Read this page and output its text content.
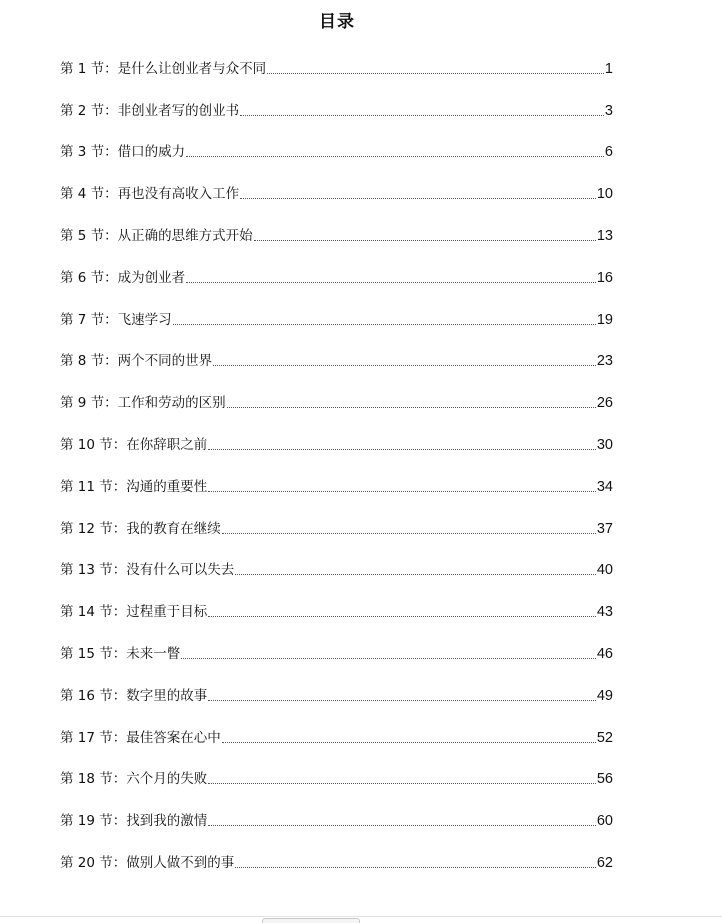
目录
第 1 节：是什么让创业者与众不同	1
第 2 节：非创业者写的创业书	3
第 3 节：借口的威力	6
第 4 节：再也没有高收入工作	10
第 5 节：从正确的思维方式开始	13
第 6 节：成为创业者	16
第 7 节：飞速学习	19
第 8 节：两个不同的世界	23
第 9 节：工作和劳动的区别	26
第 10 节：在你辞职之前	30
第 11 节：沟通的重要性	34
第 12 节：我的教育在继续	37
第 13 节：没有什么可以失去	40
第 14 节：过程重于目标	43
第 15 节：未来一瞥	46
第 16 节：数字里的故事	49
第 17 节：最佳答案在心中	52
第 18 节：六个月的失败	56
第 19 节：找到我的激情	60
第 20 节：做别人做不到的事	62
